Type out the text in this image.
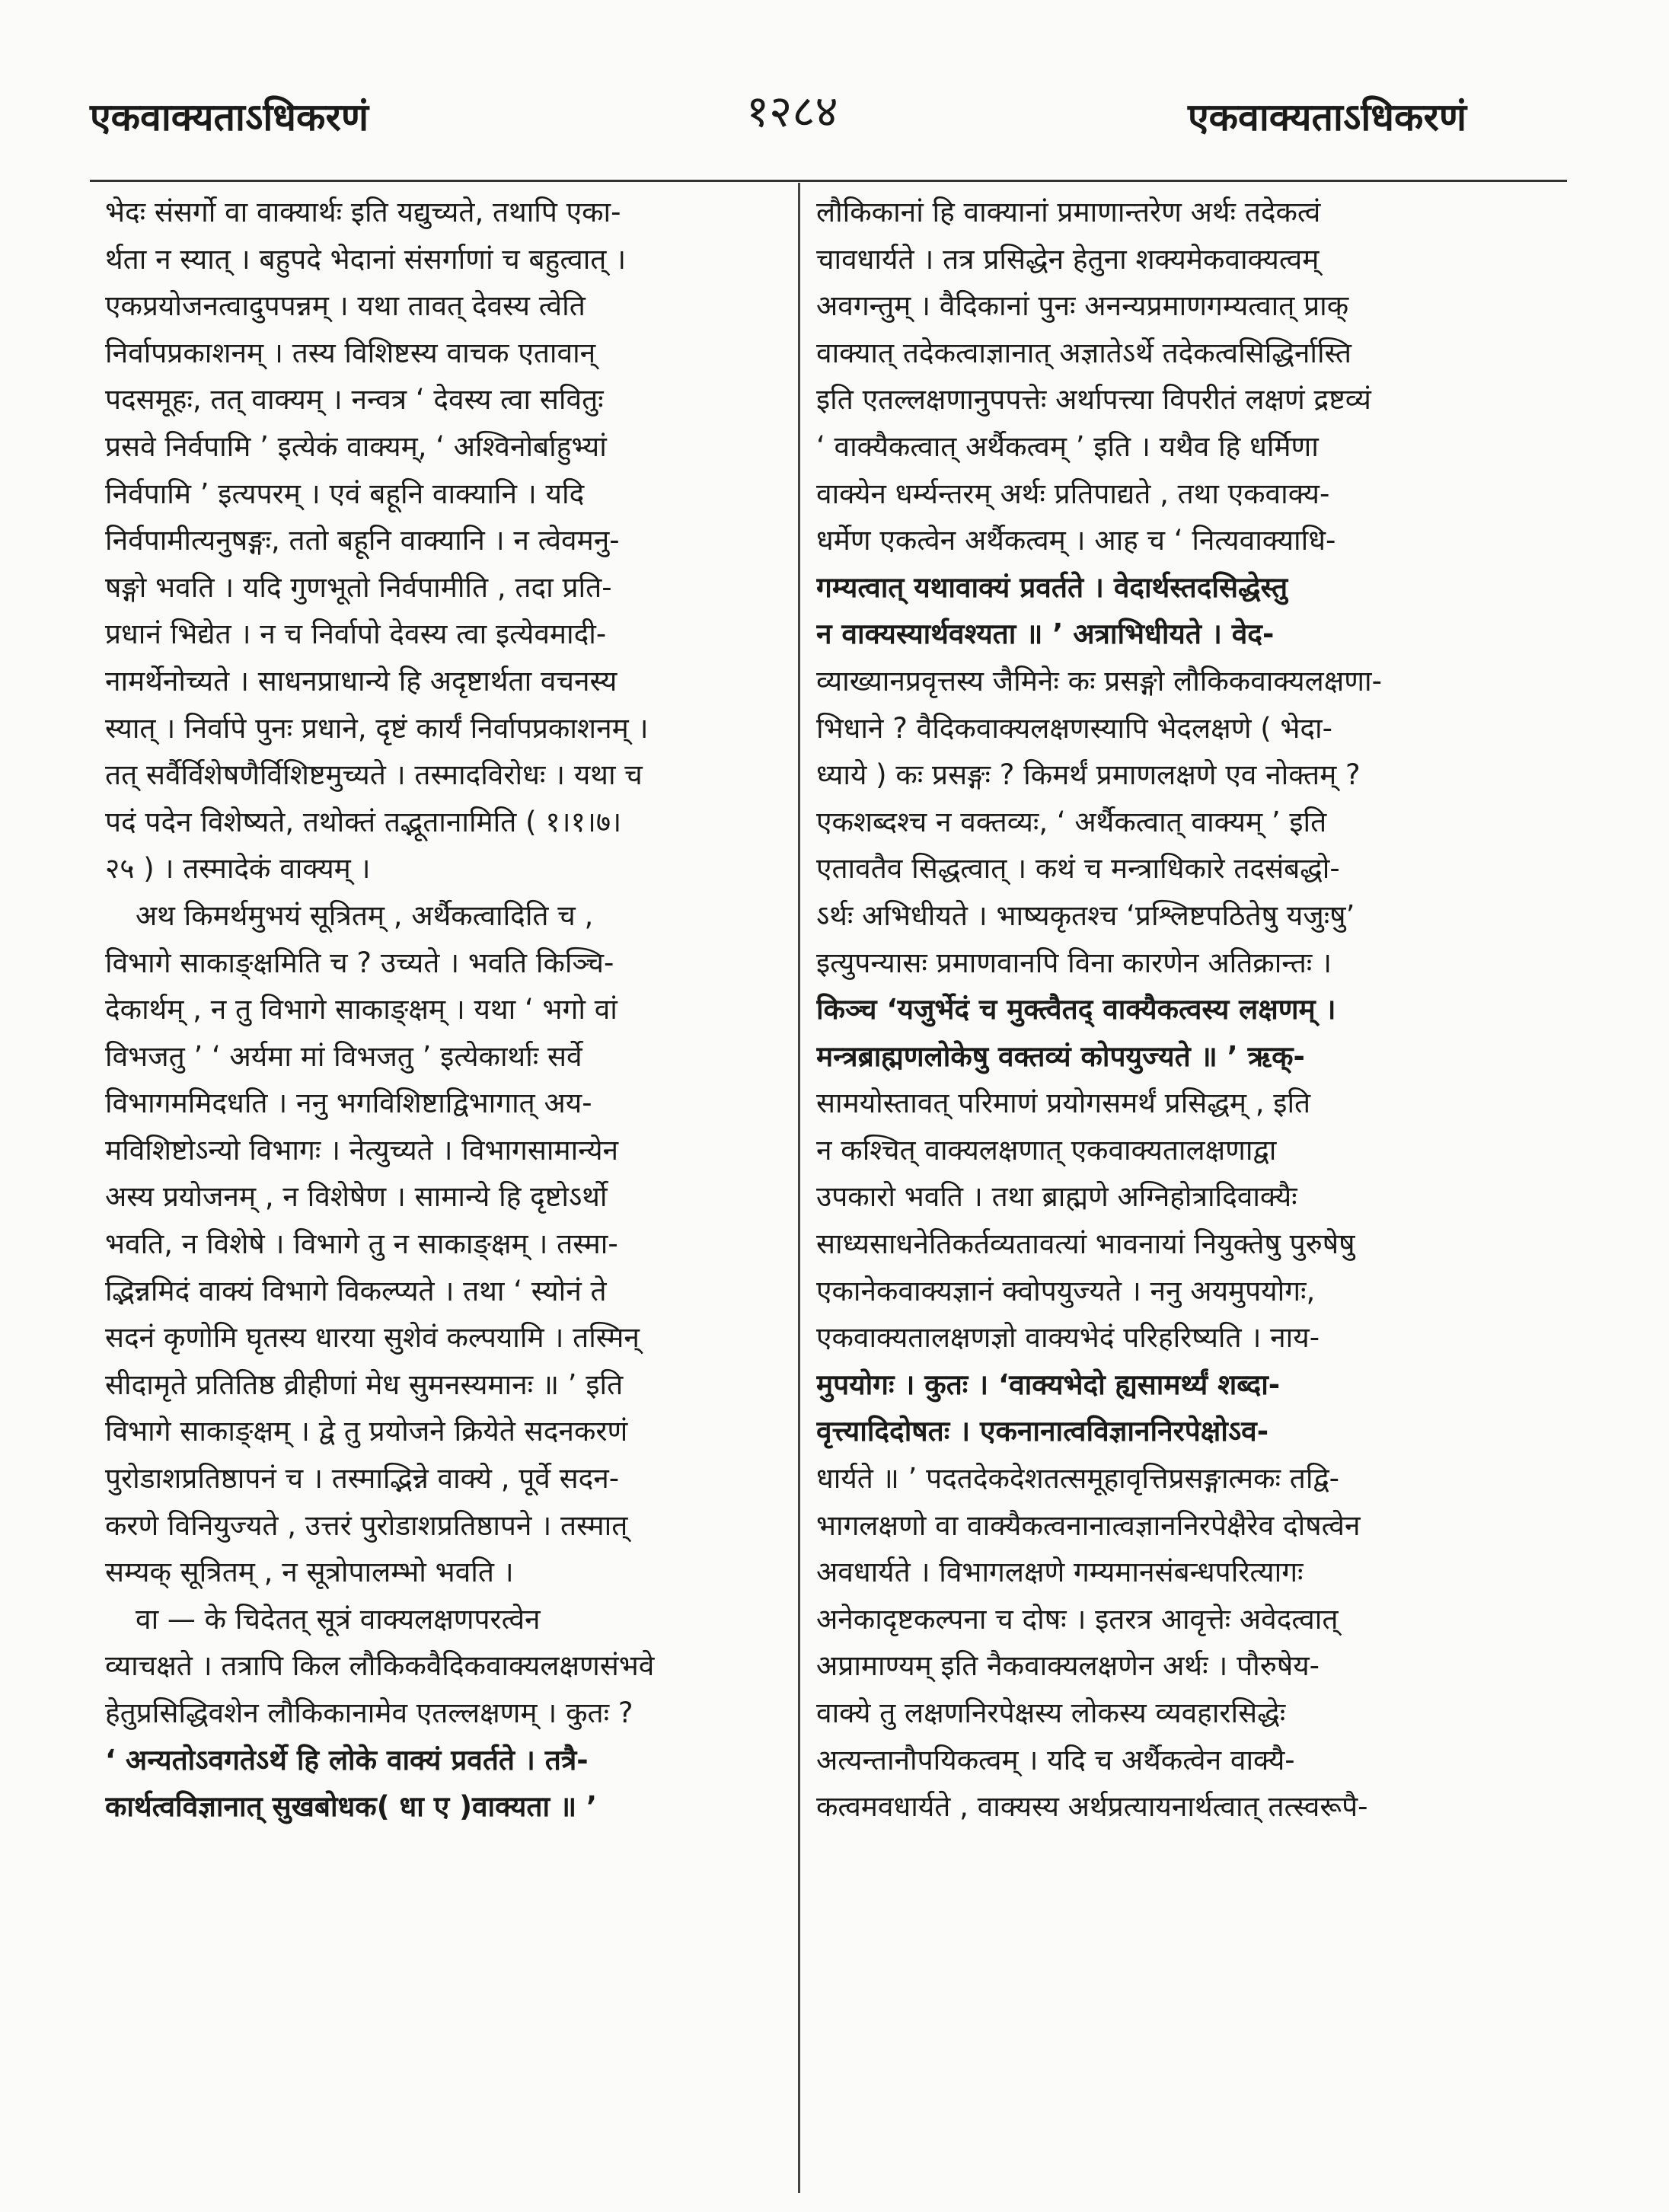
एकवाक्यताऽधिकरणं	१२८४	एकवाक्यताऽधिकरणं
भेदः संसर्गो वा वाक्यार्थः इति यद्युच्यते, तथापि एका-
र्थता न स्यात् । बहुपदे भेदानां संसर्गाणां च बहुत्वात् ।
एकप्रयोजनत्वादुपपन्नम् । यथा तावत् देवस्य त्वेति
निर्वापप्रकाशनम् । तस्य विशिष्टस्य वाचक एतावान्
पदसमूहः, तत् वाक्यम् । नन्वत्र ‘ देवस्य त्वा सवितुः
प्रसवे निर्वपामि ’ इत्येकं वाक्यम्, ‘ अश्विनोर्बाहुभ्यां
निर्वपामि ’ इत्यपरम् । एवं बहूनि वाक्यानि । यदि
निर्वपामीत्यनुषङ्गः, ततो बहूनि वाक्यानि । न त्वेवमनु-
षङ्गो भवति । यदि गुणभूतो निर्वपामीति , तदा प्रति-
प्रधानं भिद्येत । न च निर्वापो देवस्य त्वा इत्येवमादी-
नामर्थेनोच्यते । साधनप्राधान्ये हि अदृष्टार्थता वचनस्य
स्यात् । निर्वापे पुनः प्रधाने, दृष्टं कार्यं निर्वापप्रकाशनम् ।
तत् सर्वैर्विशेषणैर्विशिष्टमुच्यते । तस्मादविरोधः । यथा च
पदं पदेन विशेष्यते, तथोक्तं तद्भूतानामिति ( १।१।७।
२५ ) । तस्मादेकं वाक्यम् ।
अथ किमर्थमुभयं सूत्रितम् , अर्थैकत्वादिति च ,
विभागे साकाङ्क्षमिति च ? उच्यते । भवति किञ्चि-
देकार्थम् , न तु विभागे साकाङ्क्षम् । यथा ‘ भगो वां
विभजतु ’ ‘ अर्यमा मां विभजतु ’ इत्येकार्थाः सर्वे
विभागममिदधति । ननु भगविशिष्टाद्विभागात् अय-
मविशिष्टोऽन्यो विभागः । नेत्युच्यते । विभागसामान्येन
अस्य प्रयोजनम् , न विशेषेण । सामान्ये हि दृष्टोऽर्थो
भवति, न विशेषे । विभागे तु न साकाङ्क्षम् । तस्मा-
द्भिन्नमिदं वाक्यं विभागे विकल्प्यते । तथा ‘ स्योनं ते
सदनं कृणोमि घृतस्य धारया सुशेवं कल्पयामि । तस्मिन्
सीदामृते प्रतितिष्ठ व्रीहीणां मेध सुमनस्यमानः ॥ ’ इति
विभागे साकाङ्क्षम् । द्वे तु प्रयोजने क्रियेते सदनकरणं
पुरोडाशप्रतिष्ठापनं च । तस्माद्भिन्ने वाक्ये , पूर्वे सदन-
करणे विनियुज्यते , उत्तरं पुरोडाशप्रतिष्ठापने । तस्मात्
सम्यक् सूत्रितम् , न सूत्रोपालम्भो भवति ।
वा — के चिदेतत् सूत्रं वाक्यलक्षणपरत्वेन
व्याचक्षते । तत्रापि किल लौकिकवैदिकवाक्यलक्षणसंभवे
हेतुप्रसिद्धिवशेन लौकिकानामेव एतल्लक्षणम् । कुतः ?
‘ अन्यतोऽवगतेऽर्थे हि लोके वाक्यं प्रवर्तते । तत्रै-
कार्थत्वविज्ञानात् सुखबोधक( धा ए )वाक्यता ॥ ’
लौकिकानां हि वाक्यानां प्रमाणान्तरेण अर्थः तदेकत्वं
चावधार्यते । तत्र प्रसिद्धेन हेतुना शक्यमेकवाक्यत्वम्
अवगन्तुम् । वैदिकानां पुनः अनन्यप्रमाणगम्यत्वात् प्राक्
वाक्यात् तदेकत्वाज्ञानात् अज्ञातेऽर्थे तदेकत्वसिद्धिर्नास्ति
इति एतल्लक्षणानुपपत्तेः अर्थापत्त्या विपरीतं लक्षणं द्रष्टव्यं
‘ वाक्यैकत्वात् अर्थैकत्वम् ’ इति । यथैव हि धर्मिणा
वाक्येन धर्म्यन्तरम् अर्थः प्रतिपाद्यते , तथा एकवाक्य-
धर्मेण एकत्वेन अर्थैकत्वम् । आह च ‘ नित्यवाक्याधि-
गम्यत्वात् यथावाक्यं प्रवर्तते । वेदार्थस्तदसिद्धेस्तु
न वाक्यस्यार्थवश्यता ॥ ’ अत्राभिधीयते । वेद-
व्याख्यानप्रवृत्तस्य जैमिनेः कः प्रसङ्गो लौकिकवाक्यलक्षणा-
भिधाने ? वैदिकवाक्यलक्षणस्यापि भेदलक्षणे ( भेदा-
ध्याये ) कः प्रसङ्गः ? किमर्थं प्रमाणलक्षणे एव नोक्तम् ?
एकशब्दश्च न वक्तव्यः, ‘ अर्थैकत्वात् वाक्यम् ’ इति
एतावतैव सिद्धत्वात् । कथं च मन्त्राधिकारे तदसंबद्धो-
ऽर्थः अभिधीयते । भाष्यकृतश्च ‘प्रश्लिष्टपठितेषु यजुःषु’
इत्युपन्यासः प्रमाणवानपि विना कारणेन अतिक्रान्तः ।
किञ्च ‘यजुर्भेदं च मुक्त्वैतद् वाक्यैकत्वस्य लक्षणम् ।
मन्त्रब्राह्मणलोकेषु वक्तव्यं कोपयुज्यते ॥ ’ ऋक्-
सामयोस्तावत् परिमाणं प्रयोगसमर्थं प्रसिद्धम् , इति
न कश्चित् वाक्यलक्षणात् एकवाक्यतालक्षणाद्वा
उपकारो भवति । तथा ब्राह्मणे अग्निहोत्रादिवाक्यैः
साध्यसाधनेतिकर्तव्यतावत्यां भावनायां नियुक्तेषु पुरुषेषु
एकानेकवाक्यज्ञानं क्वोपयुज्यते । ननु अयमुपयोगः,
एकवाक्यतालक्षणज्ञो वाक्यभेदं परिहरिष्यति । नाय-
मुपयोगः । कुतः । ‘वाक्यभेदो ह्यसामर्थ्यं शब्दा-
वृत्त्यादिदोषतः । एकनानात्वविज्ञाननिरपेक्षोऽव-
धार्यते ॥ ’ पदतदेकदेशतत्समूहावृत्तिप्रसङ्गात्मकः तद्वि-
भागलक्षणो वा वाक्यैकत्वनानात्वज्ञाननिरपेक्षैरेव दोषत्वेन
अवधार्यते । विभागलक्षणे गम्यमानसंबन्धपरित्यागः
अनेकादृष्टकल्पना च दोषः । इतरत्र आवृत्तेः अवेदत्वात्
अप्रामाण्यम् इति नैकवाक्यलक्षणेन अर्थः । पौरुषेय-
वाक्ये तु लक्षणनिरपेक्षस्य लोकस्य व्यवहारसिद्धेः
अत्यन्तानौपयिकत्वम् । यदि च अर्थैकत्वेन वाक्यै-
कत्वमवधार्यते , वाक्यस्य अर्थप्रत्यायनार्थत्वात् तत्स्वरूपै-
